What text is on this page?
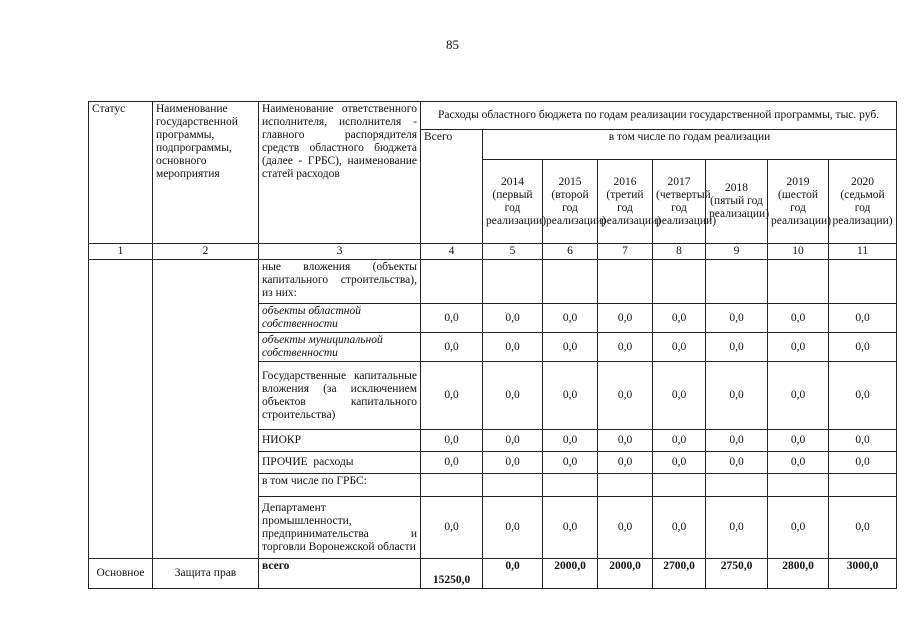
85
Статус	Наименование государственной программы, подпрограммы, основного мероприятия	Наименование ответственного исполнителя, исполнителя - главного распорядителя средств областного бюджета (далее - ГРБС), наименование статей расходов	Расходы областного бюджета по годам реализации государственной программы, тыс. руб.							
			Всего	в том числе по годам реализации						
				2014 (первый год реализации)	2015 (второй год реализации)	2016 (третий год реализации)	2017 (четвертый год реализации)	2018 (пятый год реализации)	2019 (шестой год реализации)	2020 (седьмой год реализации)
1	2	3	4	5	6	7	8	9	10	11
		ные вложения (объекты капитального строительства), из них:								
		объекты областной собственности	0,0	0,0	0,0	0,0	0,0	0,0	0,0	0,0
		объекты муниципальной собственности	0,0	0,0	0,0	0,0	0,0	0,0	0,0	0,0
		Государственные капитальные вложения (за исключением объектов капитального строительства)	0,0	0,0	0,0	0,0	0,0	0,0	0,0	0,0
		НИОКР	0,0	0,0	0,0	0,0	0,0	0,0	0,0	0,0
		ПРОЧИЕ  расходы	0,0	0,0	0,0	0,0	0,0	0,0	0,0	0,0
		в том числе по ГРБС:								
		Департамент промышленности, предпринимательства и торговли Воронежской области	0,0	0,0	0,0	0,0	0,0	0,0	0,0	0,0
Основное	Защита прав	всего	15250,0	0,0	2000,0	2000,0	2700,0	2750,0	2800,0	3000,0
